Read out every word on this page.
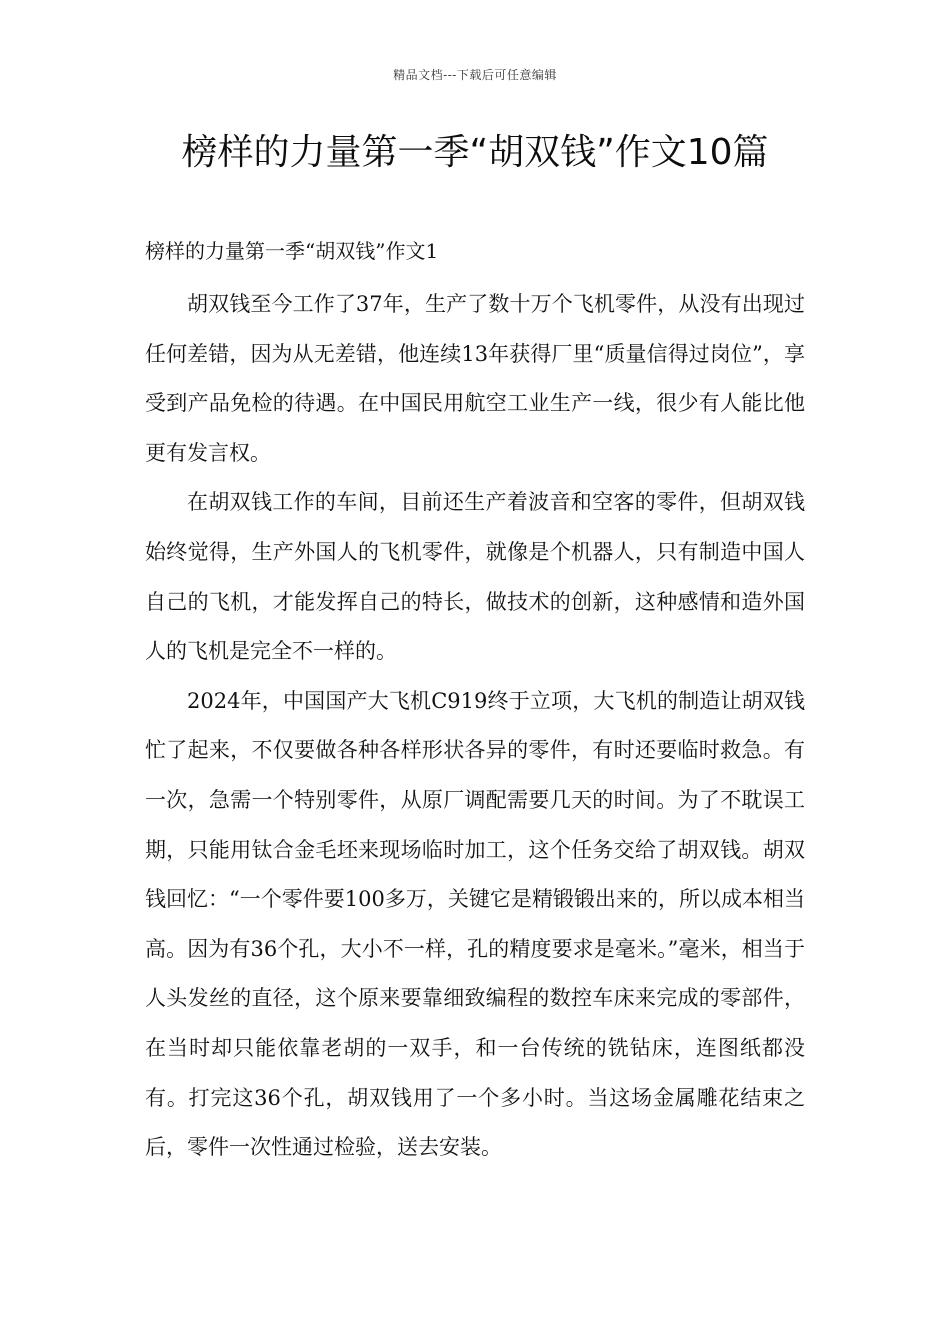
精品文档---下载后可任意编辑
榜样的力量第一季“胡双钱”作文10篇
榜样的力量第一季“胡双钱”作文1

胡双钱至今工作了37年，生产了数十万个飞机零件，从没有出现过任何差错，因为从无差错，他连续13年获得厂里“质量信得过岗位”，享受到产品免检的待遇。在中国民用航空工业生产一线，很少有人能比他更有发言权。

在胡双钱工作的车间，目前还生产着波音和空客的零件，但胡双钱始终觉得，生产外国人的飞机零件，就像是个机器人，只有制造中国人自己的飞机，才能发挥自己的特长，做技术的创新，这种感情和造外国人的飞机是完全不一样的。

2024年，中国国产大飞机C919终于立项，大飞机的制造让胡双钱忙了起来，不仅要做各种各样形状各异的零件，有时还要临时救急。有一次，急需一个特别零件，从原厂调配需要几天的时间。为了不耽误工期，只能用钛合金毛坯来现场临时加工，这个任务交给了胡双钱。胡双钱回忆：“一个零件要100多万，关键它是精锻锻出来的，所以成本相当高。因为有36个孔，大小不一样，孔的精度要求是毫米。”毫米，相当于人头发丝的直径，这个原来要靠细致编程的数控车床来完成的零部件，在当时却只能依靠老胡的一双手，和一台传统的铣钻床，连图纸都没有。打完这36个孔，胡双钱用了一个多小时。当这场金属雕花结束之后，零件一次性通过检验，送去安装。
